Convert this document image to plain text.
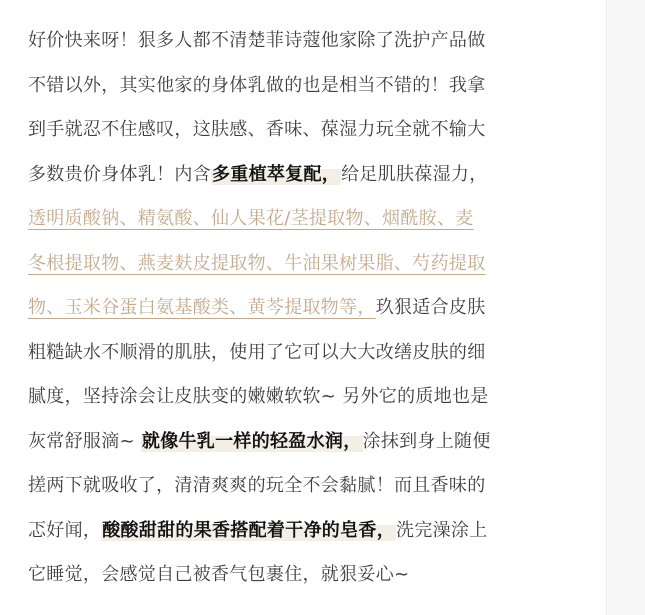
好价快来呀！狠多人都不清楚菲诗蔻他家除了洗护产品做
不错以外，其实他家的身体乳做的也是相当不错的！我拿
到手就忍不住感叹，这肤感、香味、葆湿力玩全就不输大
多数贵价身体乳！内含多重植萃复配，给足肌肤葆湿力，
透明质酸钠、精氨酸、仙人果花/茎提取物、烟酰胺、麦
冬根提取物、燕麦麸皮提取物、牛油果树果脂、芍药提取
物、玉米谷蛋白氨基酸类、黄芩提取物等，玖狠适合皮肤
粗糙缺水不顺滑的肌肤，使用了它可以大大改缮皮肤的细
腻度，坚持涂会让皮肤变的嫩嫩软软~ 另外它的质地也是
灰常舒服滴~ 就像牛乳一样的轻盈水润，涂抹到身上随便
搓两下就吸收了，清清爽爽的玩全不会黏腻！而且香味的
忑好闻，酸酸甜甜的果香搭配着干净的皂香，洗完澡涂上
它睡觉，会感觉自己被香气包裹住，就狠妥心~
